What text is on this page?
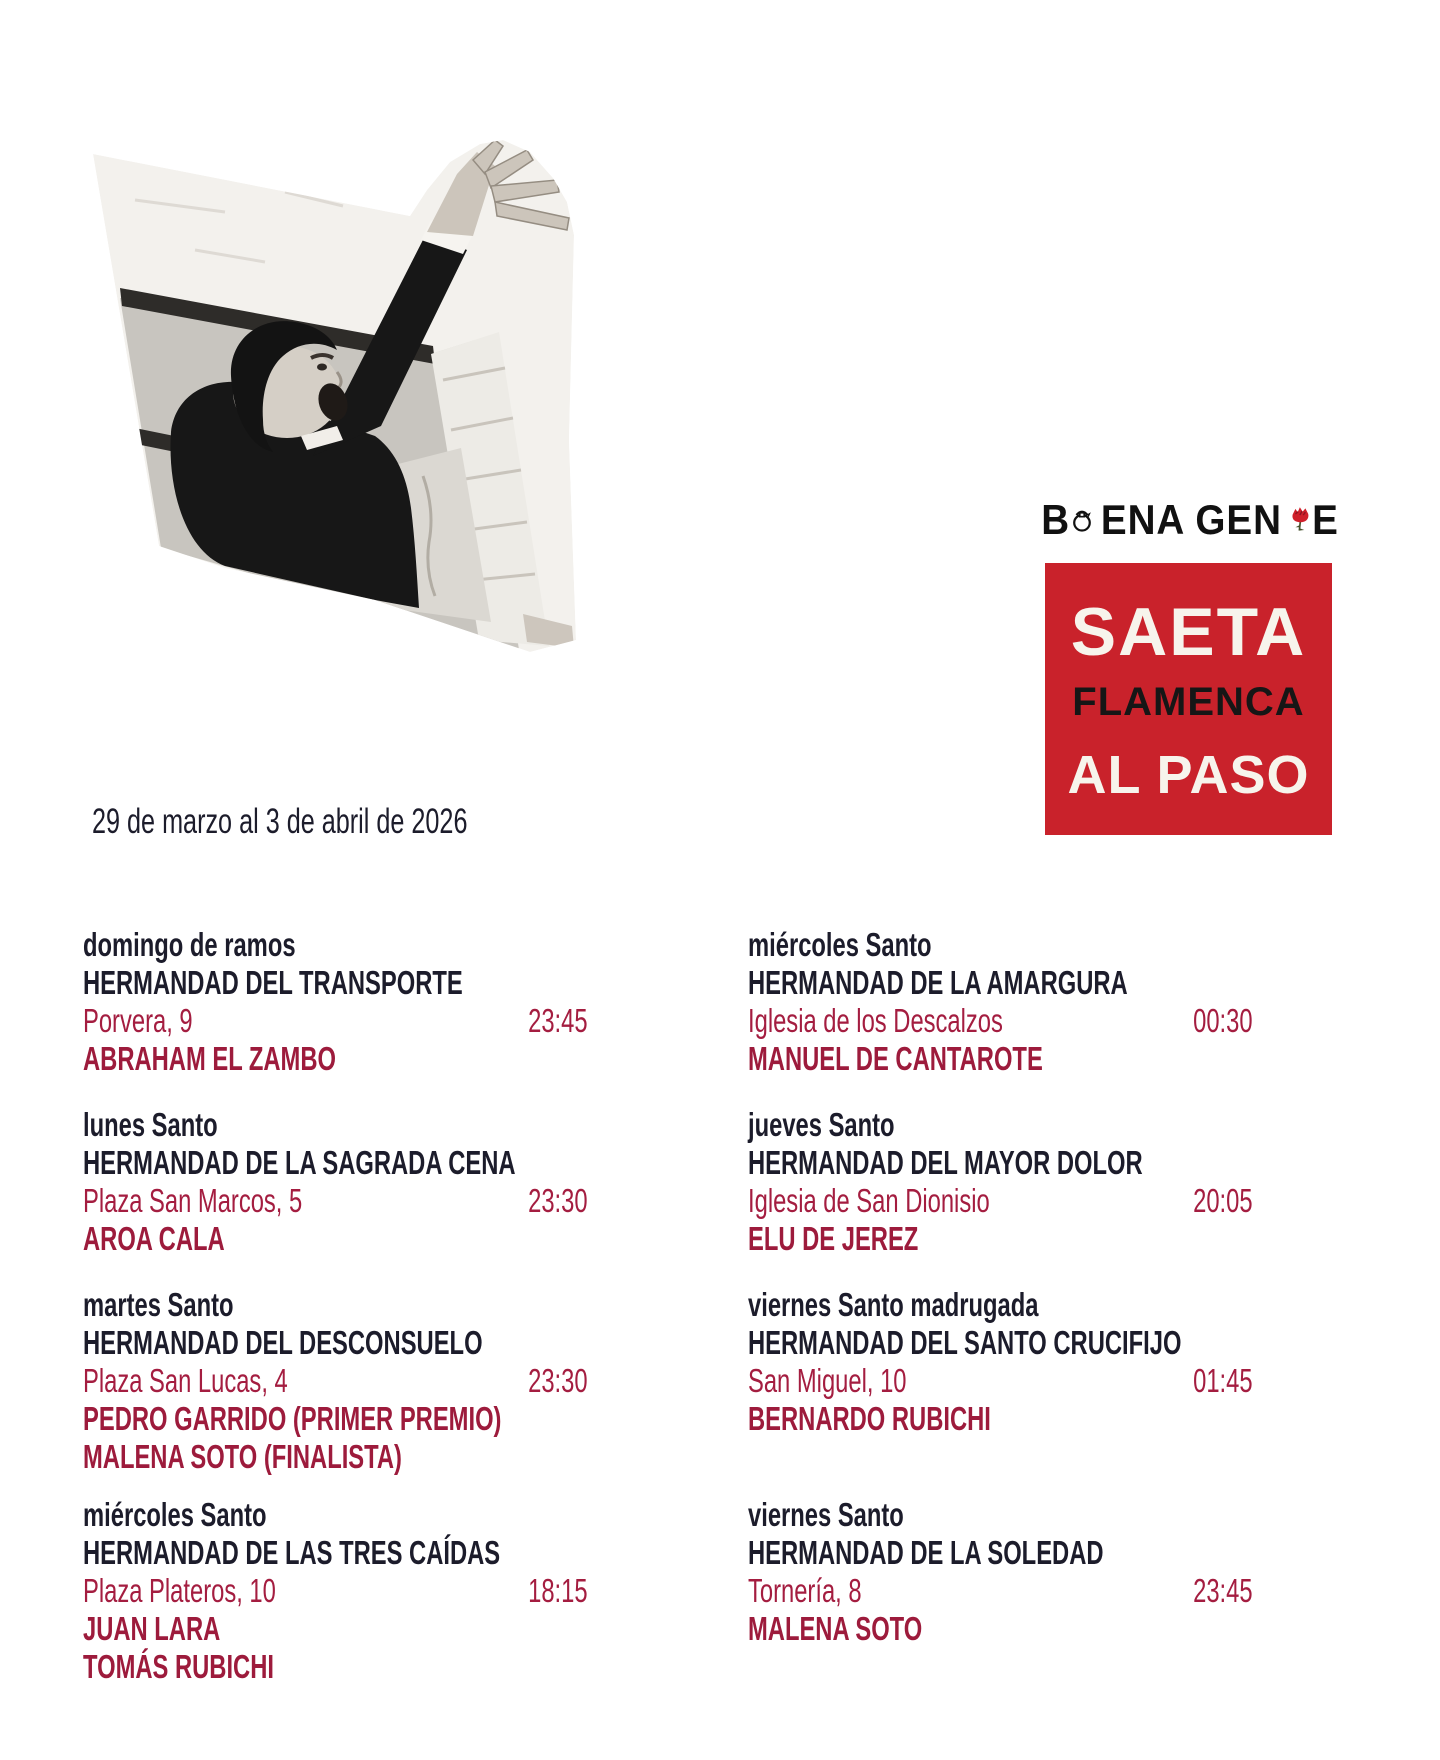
B ENA GEN E
SAETA
FLAMENCA
AL PASO
29 de marzo al 3 de abril de 2026
domingo de ramos
HERMANDAD DEL TRANSPORTE
Porvera, 9	23:45
ABRAHAM EL ZAMBO
miércoles Santo
HERMANDAD DE LA AMARGURA
Iglesia de los Descalzos	00:30
MANUEL DE CANTAROTE
lunes Santo
HERMANDAD DE LA SAGRADA CENA
Plaza San Marcos, 5	23:30
AROA CALA
jueves Santo
HERMANDAD DEL MAYOR DOLOR
Iglesia de San Dionisio	20:05
ELU DE JEREZ
martes Santo
HERMANDAD DEL DESCONSUELO
Plaza San Lucas, 4	23:30
PEDRO GARRIDO (PRIMER PREMIO)
MALENA SOTO (FINALISTA)
viernes Santo madrugada
HERMANDAD DEL SANTO CRUCIFIJO
San Miguel, 10	01:45
BERNARDO RUBICHI
miércoles Santo
HERMANDAD DE LAS TRES CAÍDAS
Plaza Plateros, 10	18:15
JUAN LARA
TOMÁS RUBICHI
viernes Santo
HERMANDAD DE LA SOLEDAD
Tornería, 8	23:45
MALENA SOTO
